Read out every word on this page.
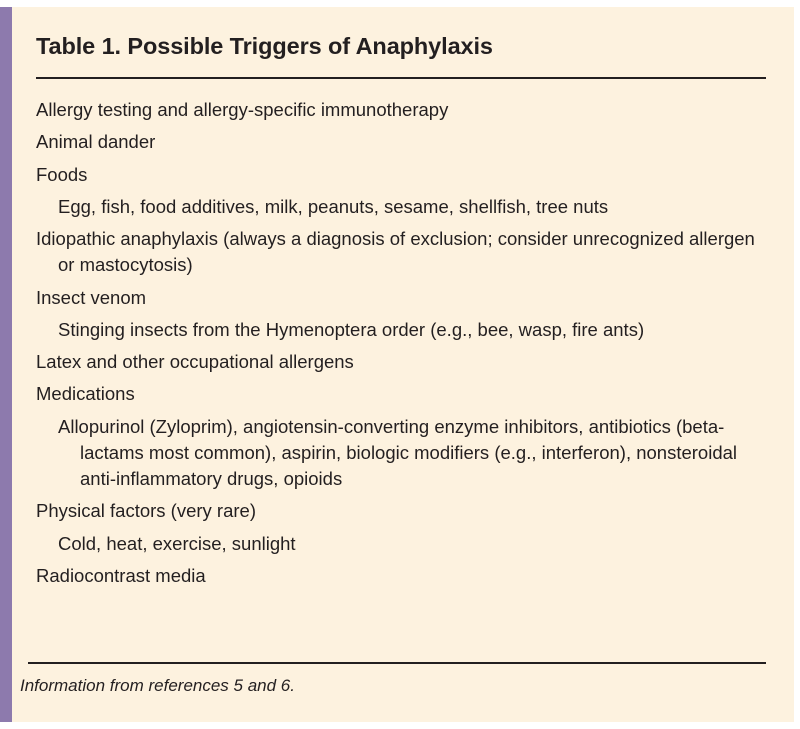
Table 1. Possible Triggers of Anaphylaxis
Allergy testing and allergy-specific immunotherapy
Animal dander
Foods
Egg, fish, food additives, milk, peanuts, sesame, shellfish, tree nuts
Idiopathic anaphylaxis (always a diagnosis of exclusion; consider unrecognized allergen or mastocytosis)
Insect venom
Stinging insects from the Hymenoptera order (e.g., bee, wasp, fire ants)
Latex and other occupational allergens
Medications
Allopurinol (Zyloprim), angiotensin-converting enzyme inhibitors, antibiotics (beta-lactams most common), aspirin, biologic modifiers (e.g., interferon), nonsteroidal anti-inflammatory drugs, opioids
Physical factors (very rare)
Cold, heat, exercise, sunlight
Radiocontrast media
Information from references 5 and 6.
